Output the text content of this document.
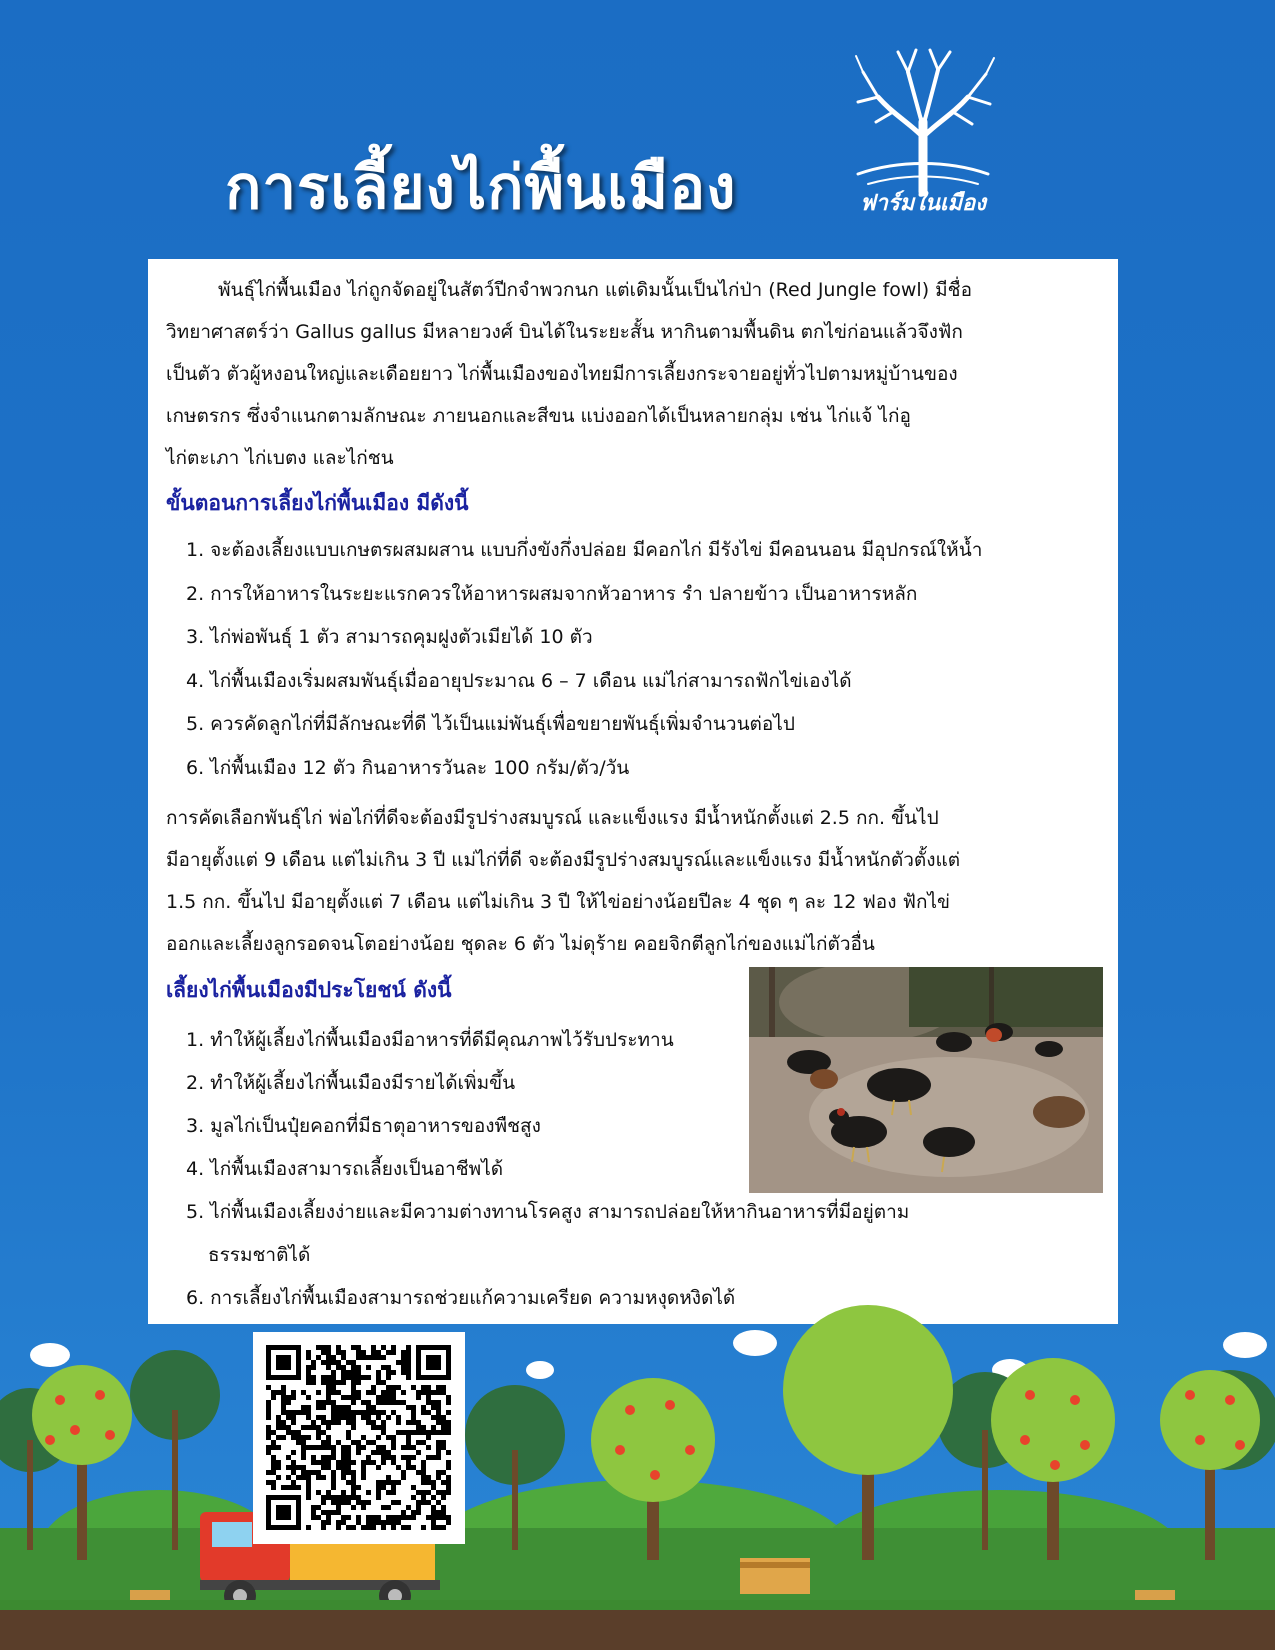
การเลี้ยงไก่พื้นเมือง	ฟาร์มในเมือง
พันธุ์ไก่พื้นเมือง ไก่ถูกจัดอยู่ในสัตว์ปีกจำพวกนก แต่เดิมนั้นเป็นไก่ป่า (Red Jungle fowl) มีชื่อ
วิทยาศาสตร์ว่า Gallus gallus มีหลายวงศ์ บินได้ในระยะสั้น หากินตามพื้นดิน ตกไข่ก่อนแล้วจึงฟัก
เป็นตัว ตัวผู้หงอนใหญ่และเดือยยาว ไก่พื้นเมืองของไทยมีการเลี้ยงกระจายอยู่ทั่วไปตามหมู่บ้านของ
เกษตรกร ซึ่งจำแนกตามลักษณะ ภายนอกและสีขน แบ่งออกได้เป็นหลายกลุ่ม เช่น ไก่แจ้ ไก่อู
ไก่ตะเภา ไก่เบตง และไก่ชน
ขั้นตอนการเลี้ยงไก่พื้นเมือง มีดังนี้
1. จะต้องเลี้ยงแบบเกษตรผสมผสาน แบบกึ่งขังกึ่งปล่อย มีคอกไก่ มีรังไข่ มีคอนนอน มีอุปกรณ์ให้น้ำ
2. การให้อาหารในระยะแรกควรให้อาหารผสมจากหัวอาหาร รำ ปลายข้าว เป็นอาหารหลัก
3. ไก่พ่อพันธุ์ 1 ตัว สามารถคุมฝูงตัวเมียได้ 10 ตัว
4. ไก่พื้นเมืองเริ่มผสมพันธุ์เมื่ออายุประมาณ 6 – 7 เดือน แม่ไก่สามารถฟักไข่เองได้
5. ควรคัดลูกไก่ที่มีลักษณะที่ดี ไว้เป็นแม่พันธุ์เพื่อขยายพันธุ์เพิ่มจำนวนต่อไป
6. ไก่พื้นเมือง 12 ตัว กินอาหารวันละ 100 กรัม/ตัว/วัน
การคัดเลือกพันธุ์ไก่ พ่อไก่ที่ดีจะต้องมีรูปร่างสมบูรณ์ และแข็งแรง มีน้ำหนักตั้งแต่ 2.5 กก. ขึ้นไป
มีอายุตั้งแต่ 9 เดือน แต่ไม่เกิน 3 ปี แม่ไก่ที่ดี จะต้องมีรูปร่างสมบูรณ์และแข็งแรง มีน้ำหนักตัวตั้งแต่
1.5 กก. ขึ้นไป มีอายุตั้งแต่ 7 เดือน แต่ไม่เกิน 3 ปี ให้ไข่อย่างน้อยปีละ 4 ชุด ๆ ละ 12 ฟอง ฟักไข่
ออกและเลี้ยงลูกรอดจนโตอย่างน้อย ชุดละ 6 ตัว ไม่ดุร้าย คอยจิกตีลูกไก่ของแม่ไก่ตัวอื่น
เลี้ยงไก่พื้นเมืองมีประโยชน์ ดังนี้
1. ทำให้ผู้เลี้ยงไก่พื้นเมืองมีอาหารที่ดีมีคุณภาพไว้รับประทาน
2. ทำให้ผู้เลี้ยงไก่พื้นเมืองมีรายได้เพิ่มขึ้น
3. มูลไก่เป็นปุ๋ยคอกที่มีธาตุอาหารของพืชสูง
4. ไก่พื้นเมืองสามารถเลี้ยงเป็นอาชีพได้
5. ไก่พื้นเมืองเลี้ยงง่ายและมีความต่างทานโรคสูง สามารถปล่อยให้หากินอาหารที่มีอยู่ตาม
ธรรมชาติได้
6. การเลี้ยงไก่พื้นเมืองสามารถช่วยแก้ความเครียด ความหงุดหงิดได้
